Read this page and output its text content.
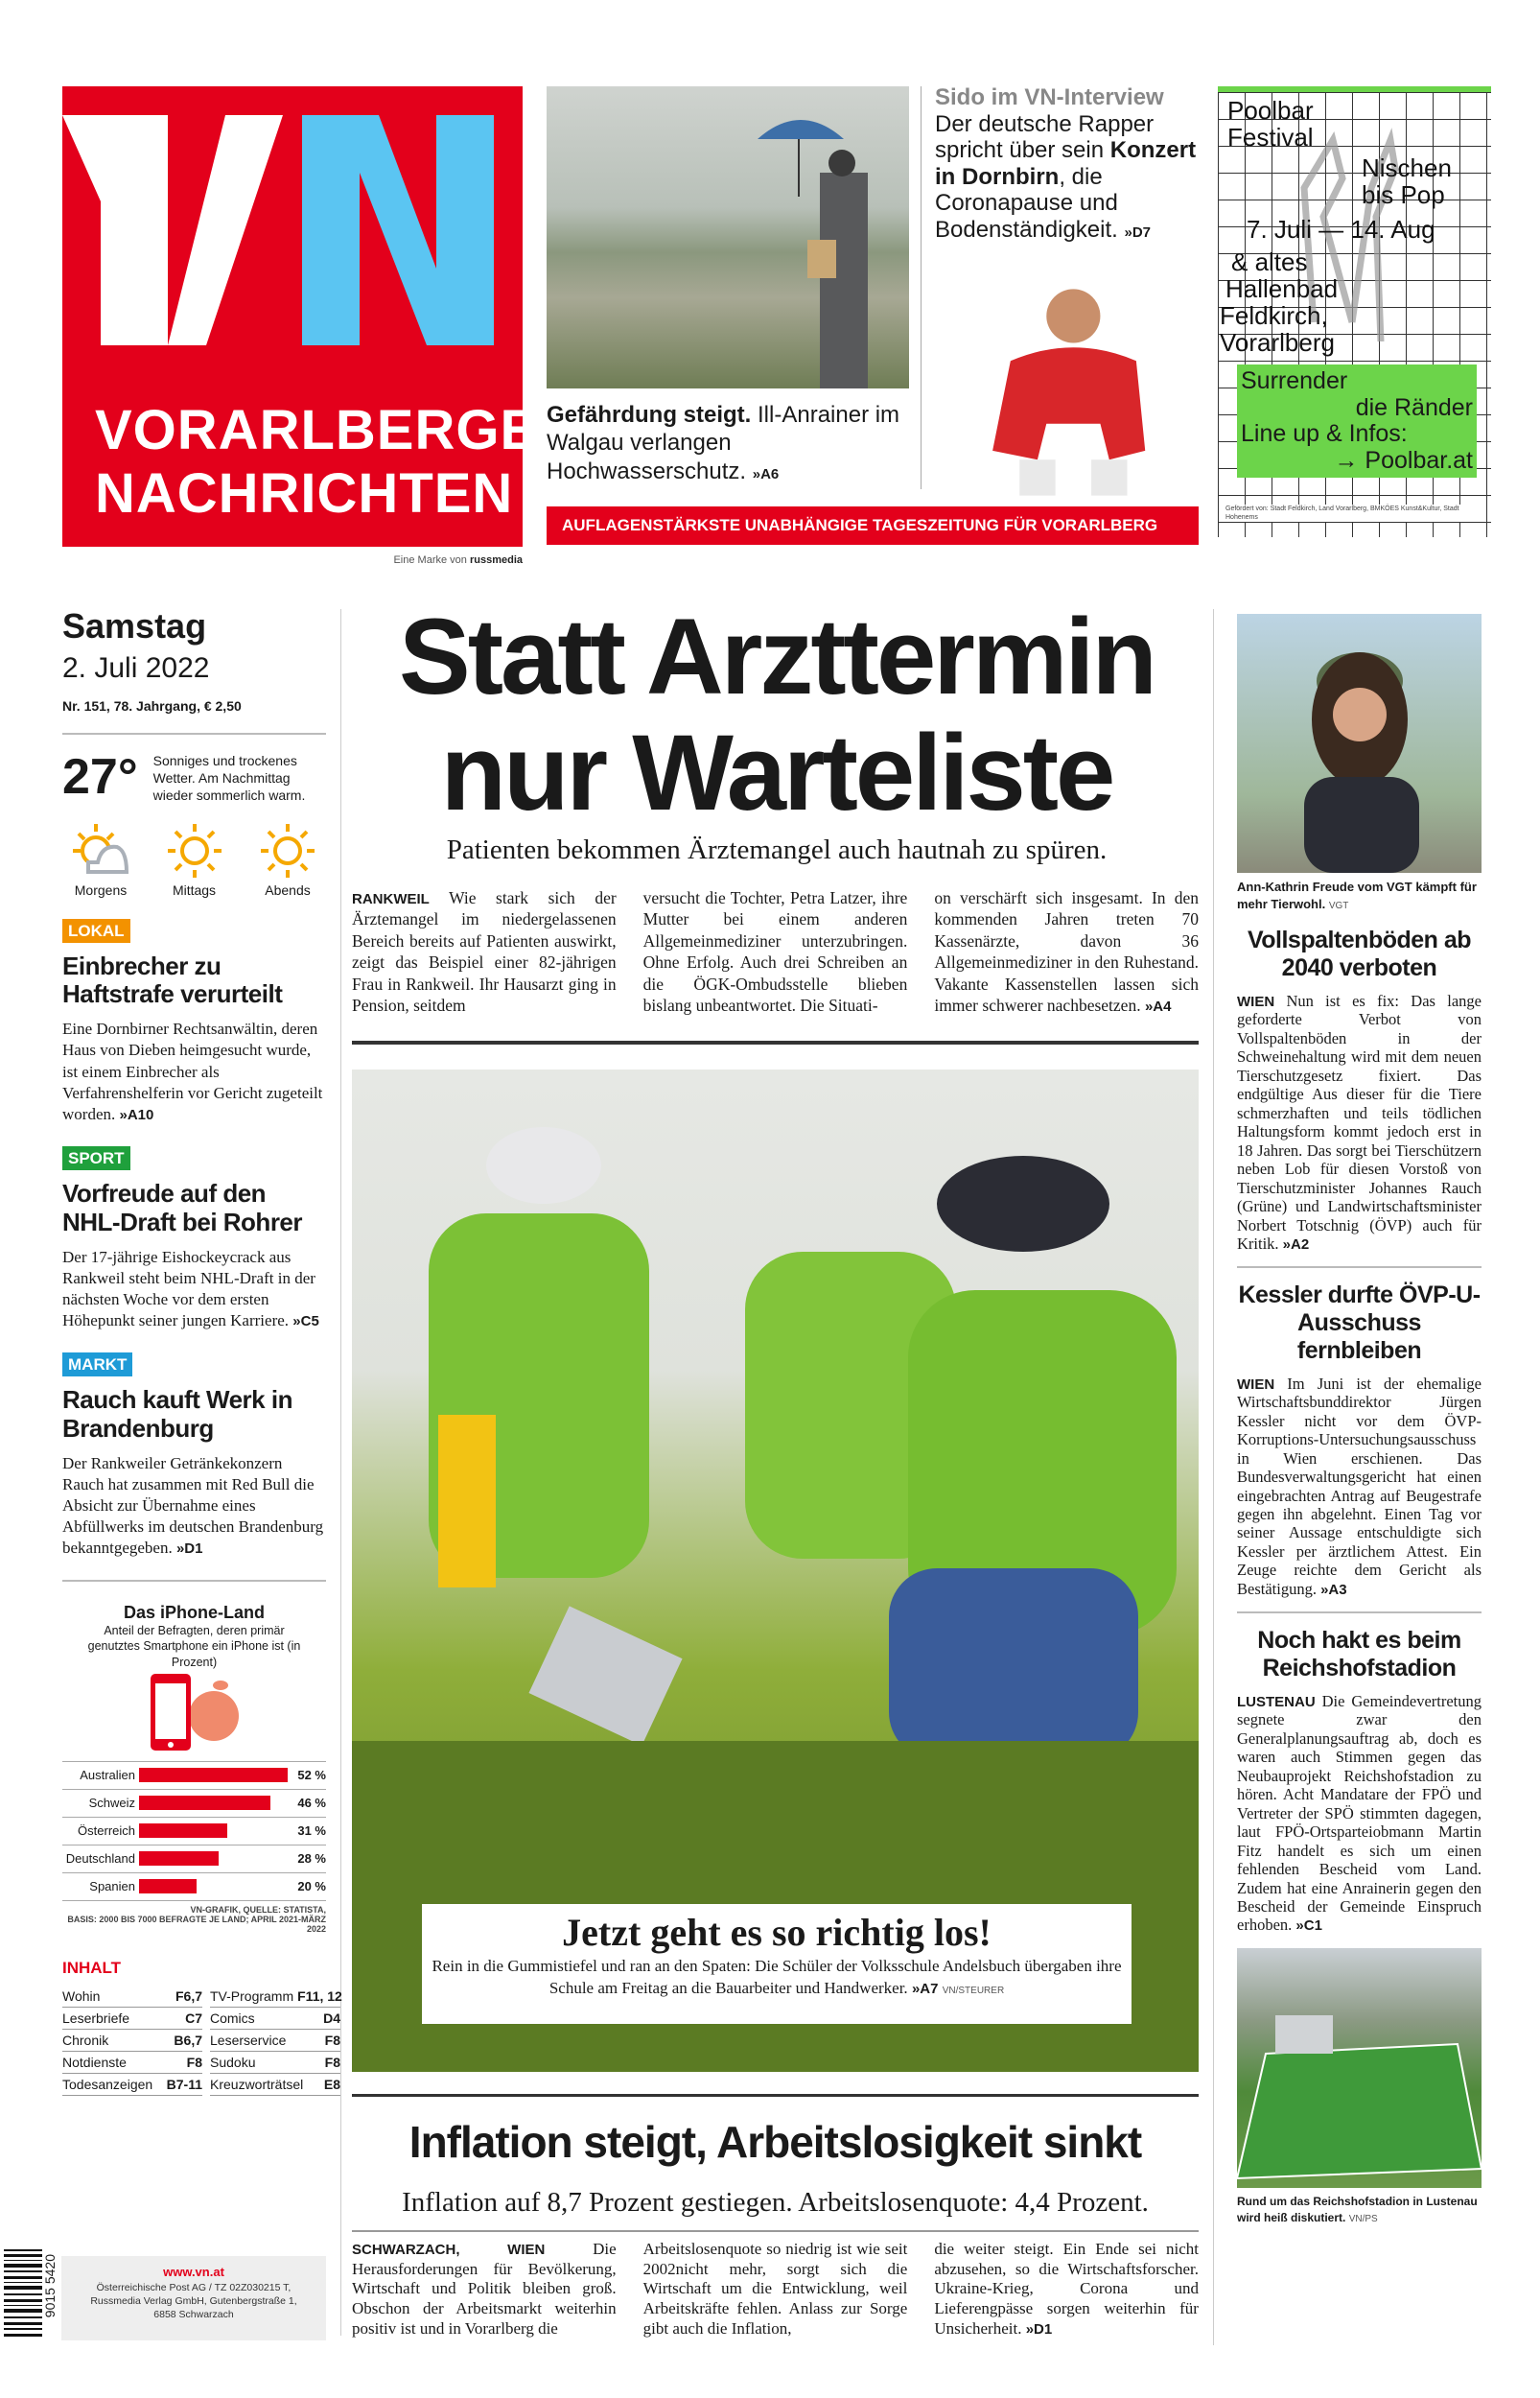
VORARLBERGER
NACHRICHTEN
Eine Marke von russmedia
Gefährdung steigt. Ill-Anrainer im Walgau verlangen Hochwasserschutz. »A6
Sido im VN-Interview
Der deutsche Rapper spricht über sein Konzert in Dornbirn, die Coronapause und Bodenständigkeit. »D7
AUFLAGENSTÄRKSTE UNABHÄNGIGE TAGESZEITUNG FÜR VORARLBERG
Poolbar
Festival
Nischen
bis Pop
7. Juli — 14. Aug
& altes
Hallenbad
Feldkirch,
Vorarlberg
Surrender
die Ränder
Line up & Infos:
→ Poolbar.at
Gefördert von: Stadt Feldkirch, Land Vorarlberg, BMKÖES Kunst&Kultur, Stadt Hohenems
Samstag
2. Juli 2022
Nr. 151, 78. Jahrgang, € 2,50
27° Sonniges und trockenes Wetter. Am Nachmittag wieder sommerlich warm.
Morgens	Mittags	Abends
LOKAL
Einbrecher zu Haftstrafe verurteilt
Eine Dornbirner Rechtsanwältin, deren Haus von Dieben heimgesucht wurde, ist einem Einbrecher als Verfahrenshelferin vor Gericht zugeteilt worden. »A10
SPORT
Vorfreude auf den NHL-Draft bei Rohrer
Der 17-jährige Eishockeycrack aus Rankweil steht beim NHL-Draft in der nächsten Woche vor dem ersten Höhepunkt seiner jungen Karriere. »C5
MARKT
Rauch kauft Werk in Brandenburg
Der Rankweiler Getränkekonzern Rauch hat zusammen mit Red Bull die Absicht zur Übernahme eines Abfüllwerks im deutschen Brandenburg bekanntgegeben. »D1
Das iPhone-Land
Anteil der Befragten, deren primär genutztes Smartphone ein iPhone ist (in Prozent)
Australien	52 %
Schweiz	46 %
Österreich	31 %
Deutschland	28 %
Spanien	20 %
VN-GRAFIK, QUELLE: STATISTA,
BASIS: 2000 BIS 7000 BEFRAGTE JE LAND; APRIL 2021-MÄRZ 2022
INHALT
Wohin	F6,7 TV-Programm F11, 12
Leserbriefe	C7 Comics	D4
Chronik	B6,7 Leserservice	F8
Notdienste	F8 Sudoku	F8
Todesanzeigen B7-11 Kreuzworträtsel E8
9015 5420	www.vn.at
Österreichische Post AG / TZ 02Z030215 T,
Russmedia Verlag GmbH, Gutenbergstraße 1,
6858 Schwarzach
Statt Arzttermin
nur Warteliste
Patienten bekommen Ärztemangel auch hautnah zu spüren.
RANKWEIL Wie stark sich der Ärztemangel im niedergelassenen Bereich bereits auf Patienten auswirkt, zeigt das Beispiel einer 82-jährigen Frau in Rankweil. Ihr Hausarzt ging in Pension, seitdem
versucht die Tochter, Petra Latzer, ihre Mutter bei einem anderen Allgemeinmediziner unterzubringen. Ohne Erfolg. Auch drei Schreiben an die ÖGK-Ombudsstelle blieben bislang unbeantwortet. Die Situati-
on verschärft sich insgesamt. In den kommenden Jahren treten 70 Kassenärzte, davon 36 Allgemeinmediziner in den Ruhestand. Vakante Kassenstellen lassen sich immer schwerer nachbesetzen. »A4
Jetzt geht es so richtig los!
Rein in die Gummistiefel und ran an den Spaten: Die Schüler der Volksschule Andelsbuch übergaben ihre Schule am Freitag an die Bauarbeiter und Handwerker. »A7 VN/STEURER
Inflation steigt, Arbeitslosigkeit sinkt
Inflation auf 8,7 Prozent gestiegen. Arbeitslosenquote: 4,4 Prozent.
SCHWARZACH, WIEN	Die Herausforderungen für Bevölkerung, Wirtschaft und Politik bleiben groß. Obschon der Arbeitsmarkt weiterhin positiv ist und in Vorarlberg die
Arbeitslosenquote so niedrig ist wie seit 2002nicht mehr, sorgt sich die Wirtschaft um die Entwicklung, weil Arbeitskräfte fehlen. Anlass zur Sorge gibt auch die Inflation,
die weiter steigt. Ein Ende sei nicht abzusehen, so die Wirtschaftsforscher. Ukraine-Krieg, Corona und Lieferengpässe sorgen weiterhin für Unsicherheit. »D1
Ann-Kathrin Freude vom VGT kämpft für mehr Tierwohl. VGT
Vollspaltenböden ab 2040 verboten
WIEN Nun ist es fix: Das lange geforderte Verbot von Vollspaltenböden in der Schweinehaltung wird mit dem neuen Tierschutzgesetz fixiert. Das endgültige Aus dieser für die Tiere schmerzhaften und teils tödlichen Haltungsform kommt jedoch erst in 18 Jahren. Das sorgt bei Tierschützern neben Lob für diesen Vorstoß von Tierschutzminister Johannes Rauch (Grüne) und Landwirtschaftsminister Norbert Totschnig (ÖVP) auch für Kritik. »A2
Kessler durfte ÖVP-U-Ausschuss fernbleiben
WIEN Im Juni ist der ehemalige Wirtschaftsbunddirektor Jürgen Kessler nicht vor dem ÖVP-Korruptions-Untersuchungsausschuss in Wien erschienen. Das Bundesverwaltungsgericht hat einen eingebrachten Antrag auf Beugestrafe gegen ihn abgelehnt. Einen Tag vor seiner Aussage entschuldigte sich Kessler per ärztlichem Attest. Ein Zeuge reichte dem Gericht als Bestätigung. »A3
Noch hakt es beim Reichshofstadion
LUSTENAU Die Gemeindevertretung segnete zwar den Generalplanungsauftrag ab, doch es waren auch Stimmen gegen das Neubauprojekt Reichshofstadion zu hören. Acht Mandatare der FPÖ und Vertreter der SPÖ stimmten dagegen, laut FPÖ-Ortsparteiobmann Martin Fitz handelt es sich um einen fehlenden Bescheid vom Land. Zudem hat eine Anrainerin gegen den Bescheid der Gemeinde Einspruch erhoben. »C1
Rund um das Reichshofstadion in Lustenau wird heiß diskutiert. VN/PS
